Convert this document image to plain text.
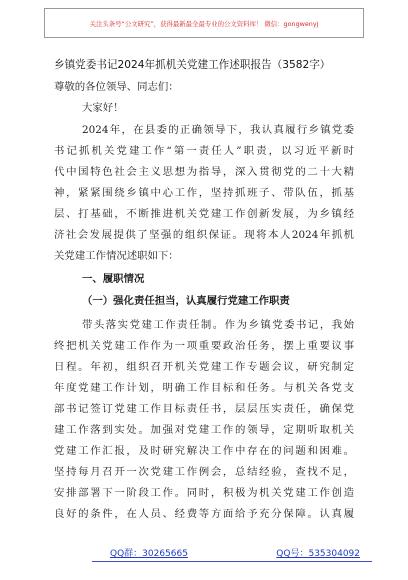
关注头条号“公文研究”，获得最新最全最专业的公文资料库！ 微信：gongwenyj
乡镇党委书记2024年抓机关党建工作述职报告（3582字）
尊敬的各位领导、同志们：
大家好！
2024年，在县委的正确领导下，我认真履行乡镇党委
书记抓机关党建工作“第一责任人”职责，以习近平新时
代中国特色社会主义思想为指导，深入贯彻党的二十大精
神，紧紧围绕乡镇中心工作，坚持抓班子、带队伍，抓基
层、打基础，不断推进机关党建工作创新发展，为乡镇经
济社会发展提供了坚强的组织保证。现将本人2024年抓机
关党建工作情况述职如下：
一、履职情况
（一）强化责任担当，认真履行党建工作职责
带头落实党建工作责任制。作为乡镇党委书记，我始
终把机关党建工作作为一项重要政治任务，摆上重要议事
日程。年初，组织召开机关党建工作专题会议，研究制定
年度党建工作计划，明确工作目标和任务。与机关各党支
部书记签订党建工作目标责任书，层层压实责任，确保党
建工作落到实处。加强对党建工作的领导，定期听取机关
党建工作汇报，及时研究解决工作中存在的问题和困难。
坚持每月召开一次党建工作例会，总结经验，查找不足，
安排部署下一阶段工作。同时，积极为机关党建工作创造
良好的条件，在人员、经费等方面给予充分保障。认真履
QQ群：30265665	QQ号：535304092
